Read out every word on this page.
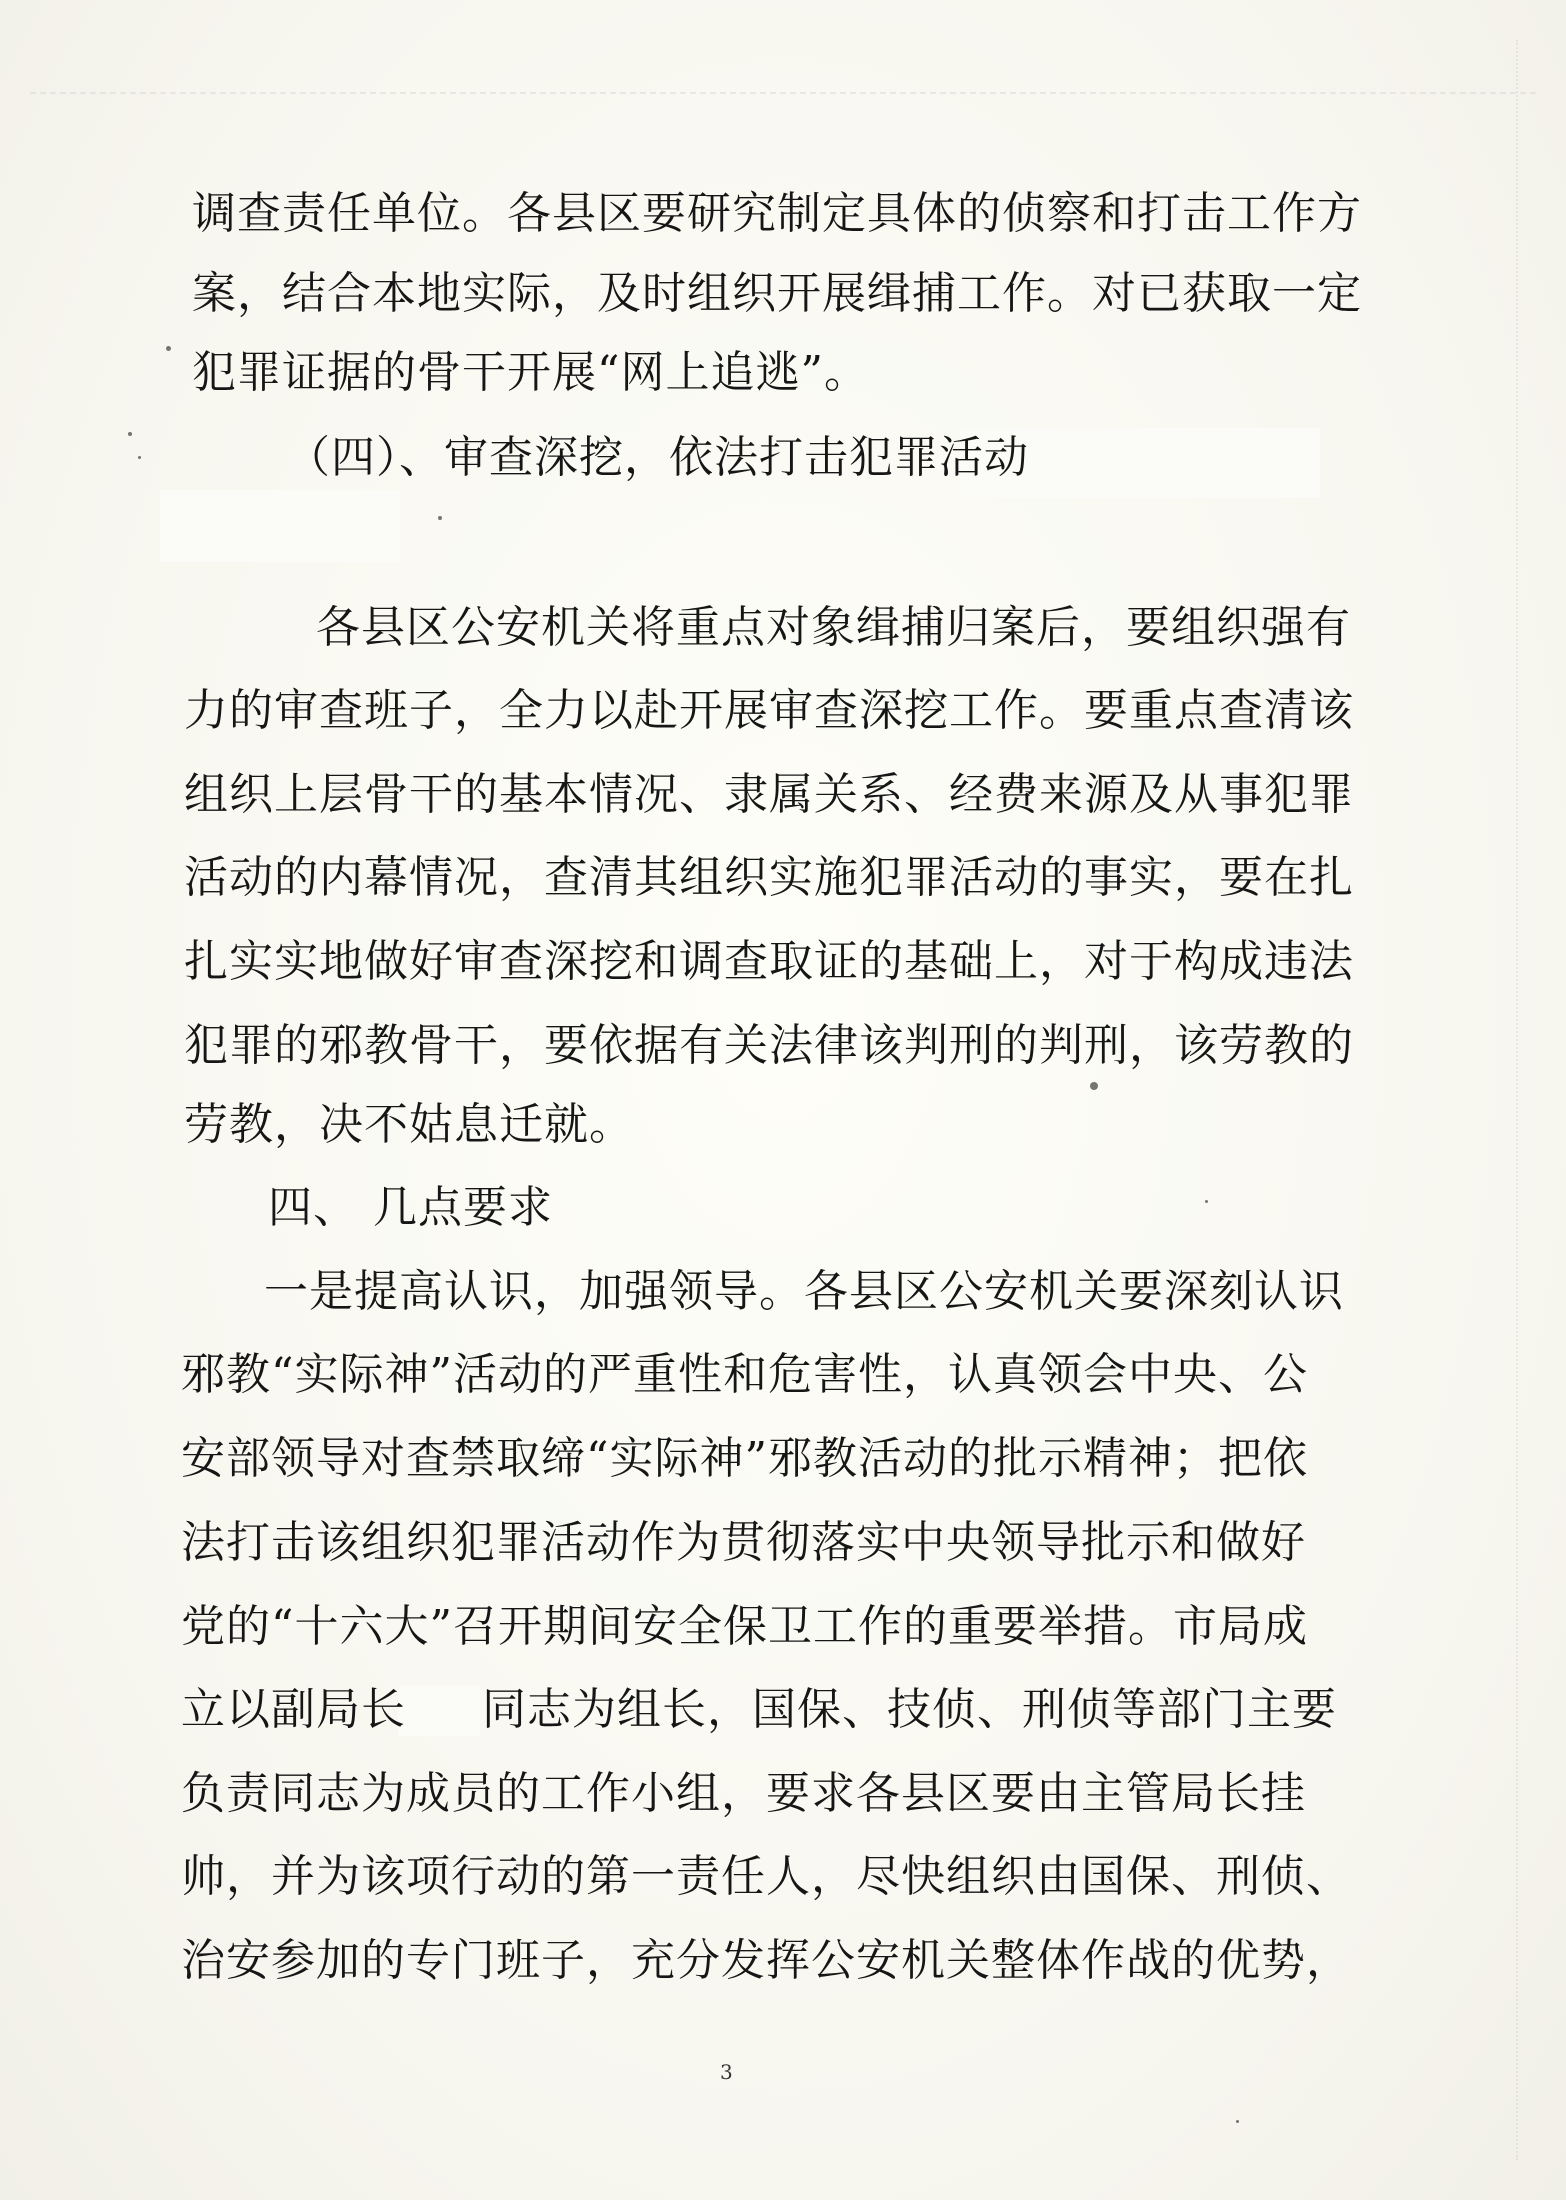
调查责任单位。各县区要研究制定具体的侦察和打击工作方
案，结合本地实际，及时组织开展缉捕工作。对已获取一定
犯罪证据的骨干开展“网上追逃”。
（四）、审查深挖，依法打击犯罪活动
各县区公安机关将重点对象缉捕归案后，要组织强有
力的审查班子，全力以赴开展审查深挖工作。要重点查清该
组织上层骨干的基本情况、隶属关系、经费来源及从事犯罪
活动的内幕情况，查清其组织实施犯罪活动的事实，要在扎
扎实实地做好审查深挖和调查取证的基础上，对于构成违法
犯罪的邪教骨干，要依据有关法律该判刑的判刑，该劳教的
劳教，决不姑息迁就。
四、 几点要求
一是提高认识，加强领导。各县区公安机关要深刻认识
邪教“实际神”活动的严重性和危害性，认真领会中央、公
安部领导对查禁取缔“实际神”邪教活动的批示精神；把依
法打击该组织犯罪活动作为贯彻落实中央领导批示和做好
党的“十六大”召开期间安全保卫工作的重要举措。市局成
立以副局长 同志为组长，国保、技侦、刑侦等部门主要
负责同志为成员的工作小组，要求各县区要由主管局长挂
帅，并为该项行动的第一责任人，尽快组织由国保、刑侦、
治安参加的专门班子，充分发挥公安机关整体作战的优势，
3
